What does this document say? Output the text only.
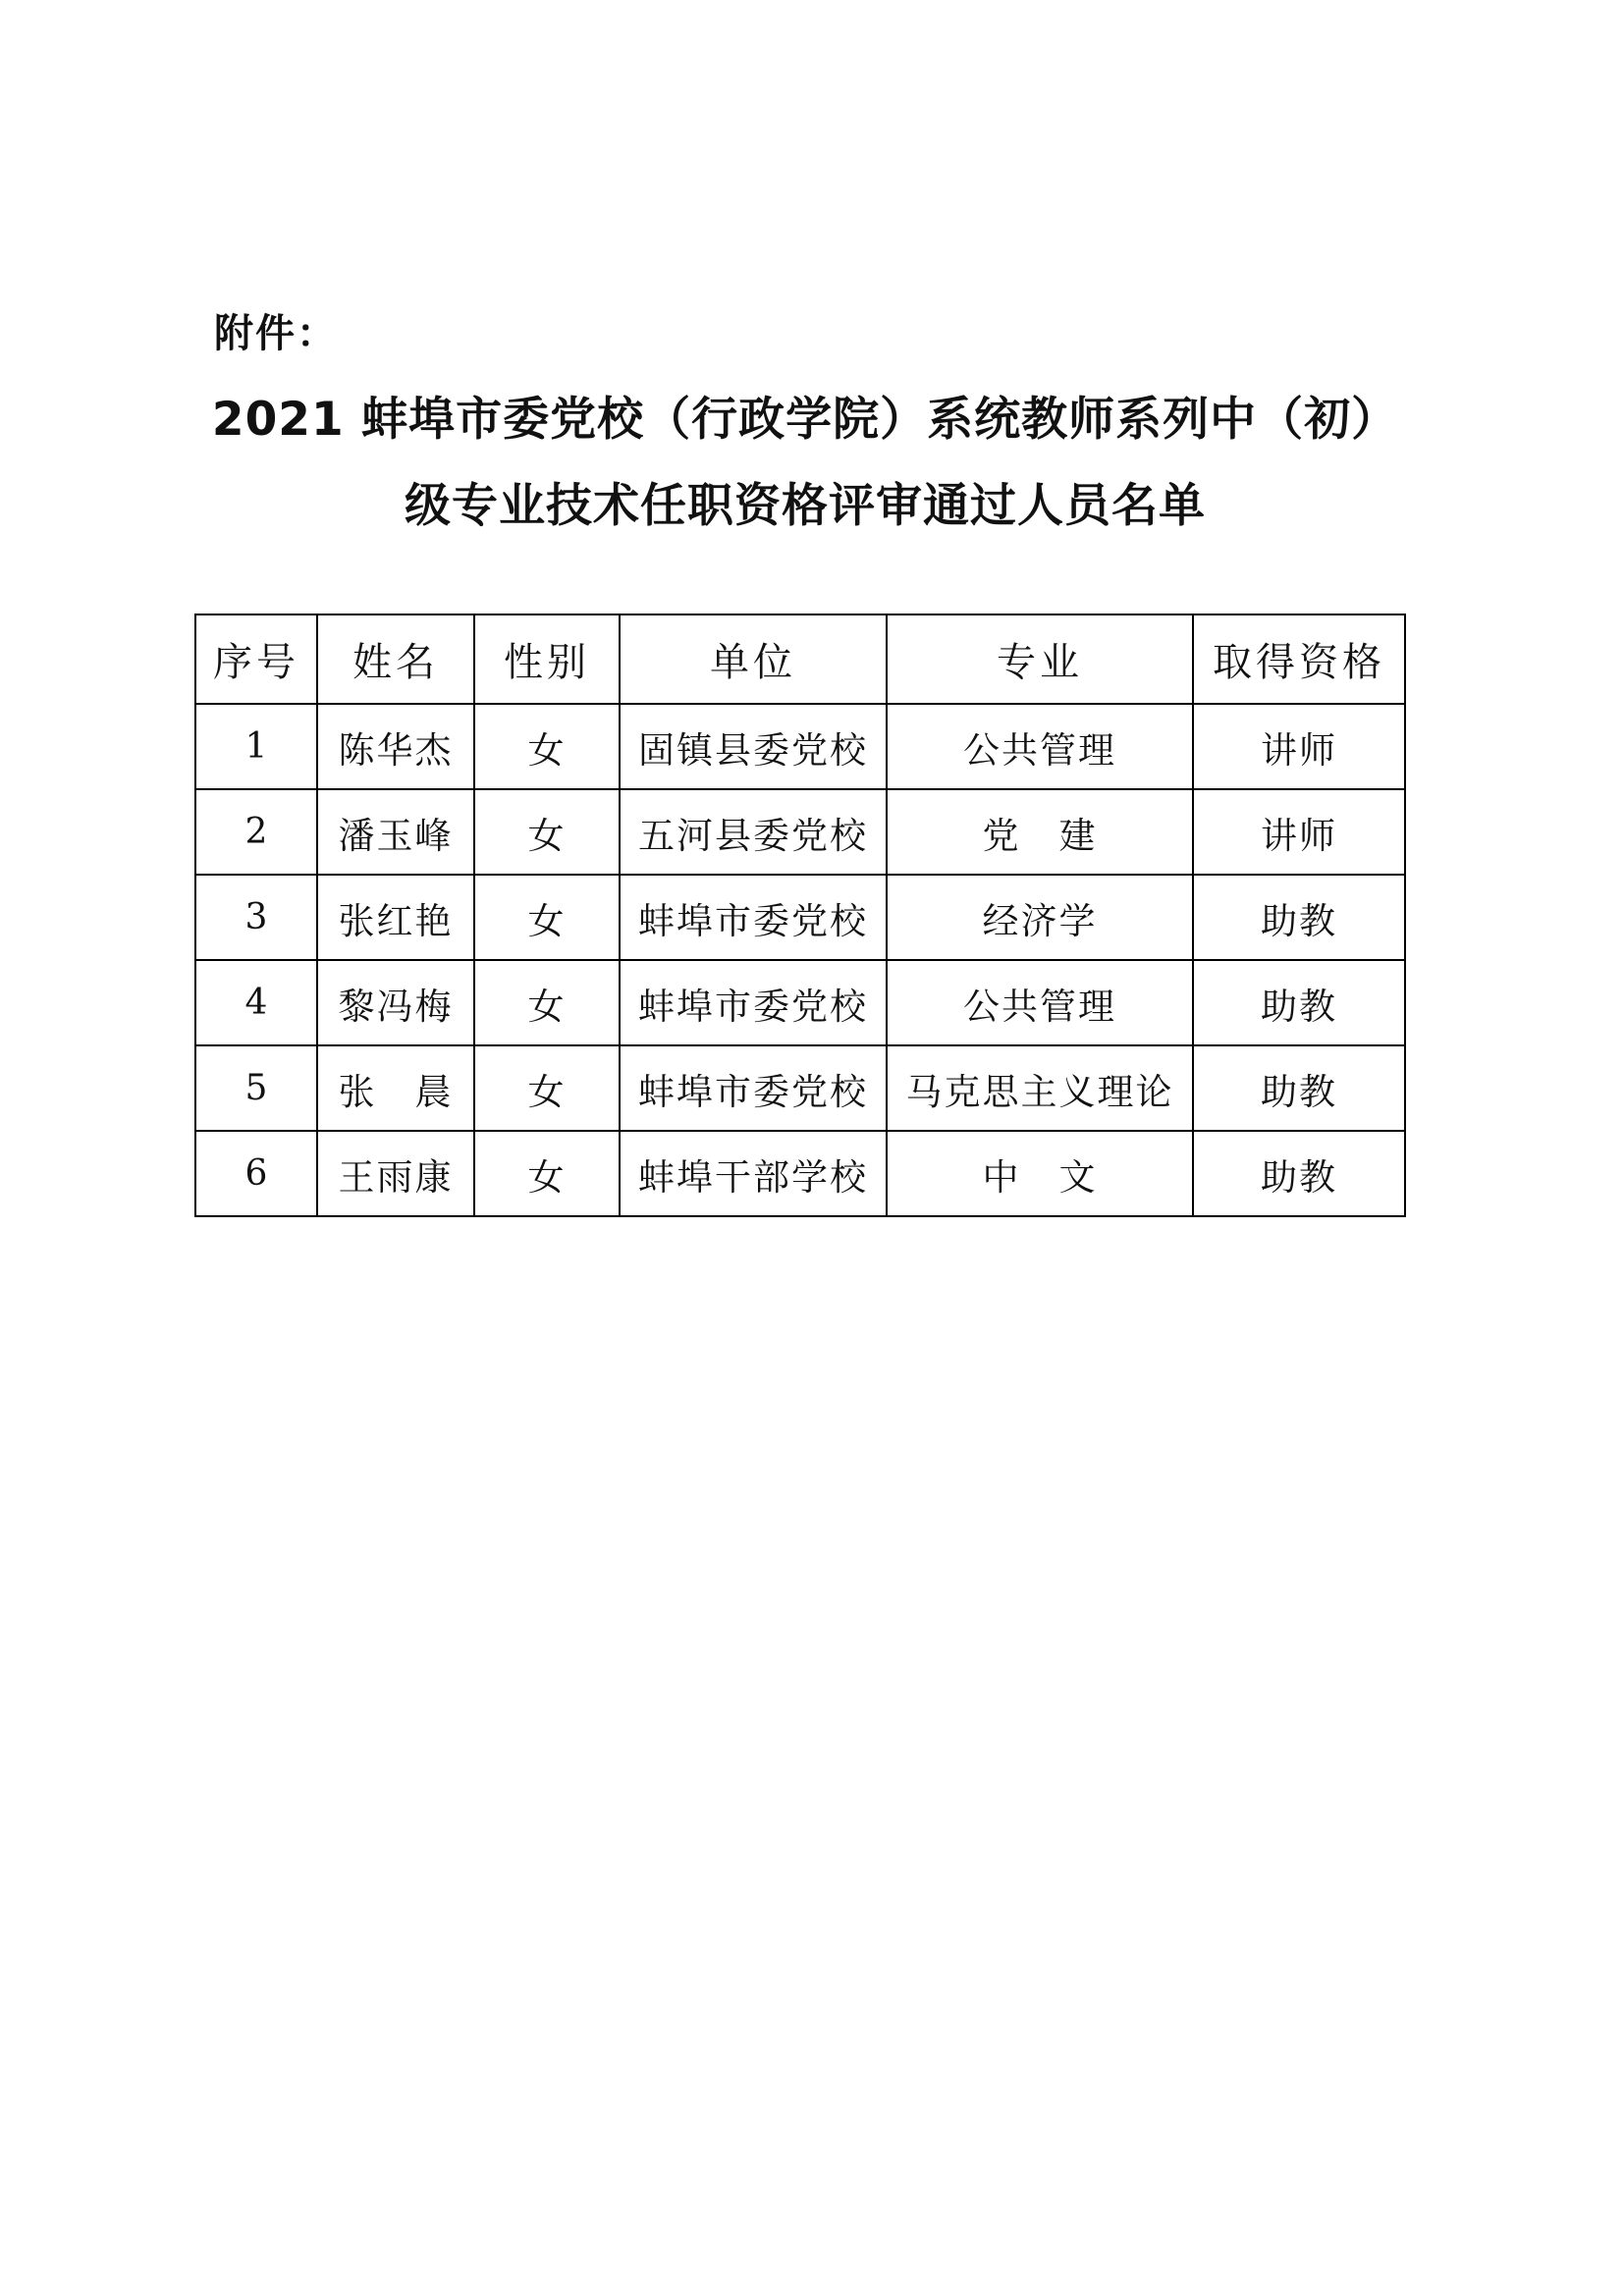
附件：
2021 蚌埠市委党校（行政学院）系统教师系列中（初）
级专业技术任职资格评审通过人员名单
序号	姓名	性别	单位	专业	取得资格
1	陈华杰	女	固镇县委党校	公共管理	讲师
2	潘玉峰	女	五河县委党校	党　建	讲师
3	张红艳	女	蚌埠市委党校	经济学	助教
4	黎冯梅	女	蚌埠市委党校	公共管理	助教
5	张　晨	女	蚌埠市委党校	马克思主义理论	助教
6	王雨康	女	蚌埠干部学校	中　文	助教
